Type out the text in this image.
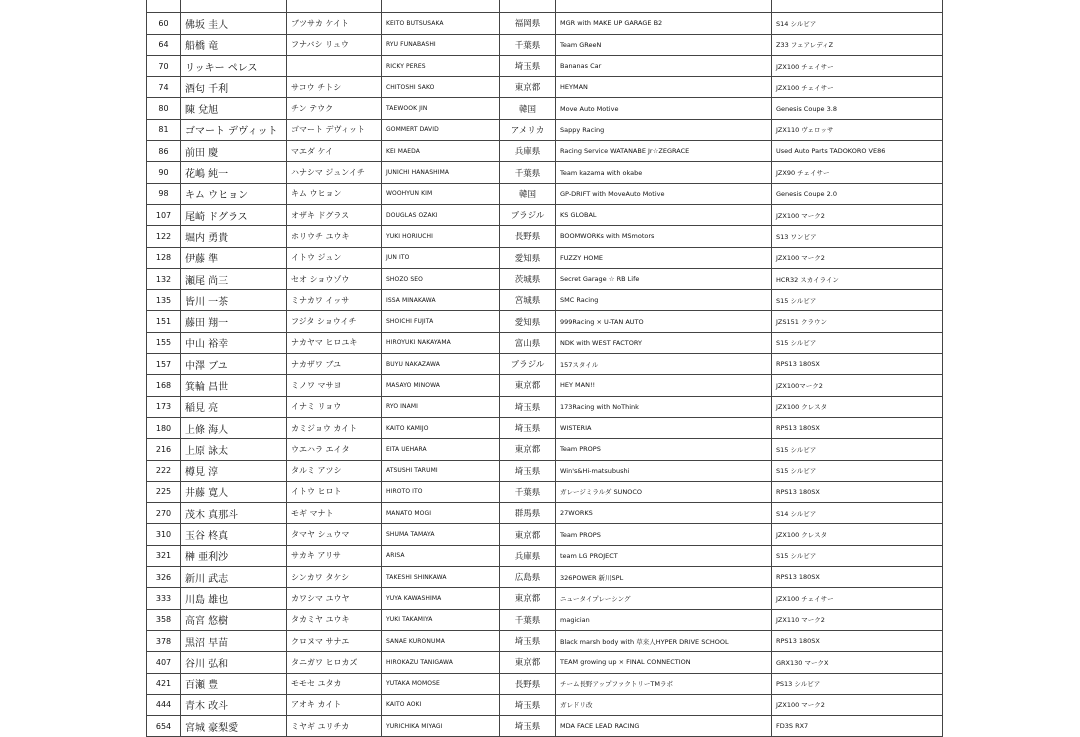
60	佛坂 圭人	ブツサカ ケイト	KEITO BUTSUSAKA	福岡県	MGR with MAKE UP GARAGE B2	S14 シルビア
64	船橋 竜	フナバシ リュウ	RYU FUNABASHI	千葉県	Team GReeN	Z33 フェアレディZ
70	リッキー ペレス		RICKY PERES	埼玉県	Bananas Car	JZX100 チェイサー
74	酒匂 千利	サコウ チトシ	CHITOSHI SAKO	東京都	HEYMAN	JZX100 チェイサー
80	陳 兌旭	チン テウク	TAEWOOK JIN	韓国	Move Auto Motive	Genesis Coupe 3.8
81	ゴマート デヴィット	ゴマート デヴィット	GOMMERT DAVID	アメリカ	Sappy Racing	JZX110 ヴェロッサ
86	前田 慶	マエダ ケイ	KEI MAEDA	兵庫県	Racing Service WATANABE Jr☆ZEGRACE	Used Auto Parts TADOKORO VE86
90	花嶋 純一	ハナシマ ジュンイチ	JUNICHI HANASHIMA	千葉県	Team kazama with okabe	JZX90 チェイサー
98	キム ウヒョン	キム ウヒョン	WOOHYUN KIM	韓国	GP-DRIFT with MoveAuto Motive	Genesis Coupe 2.0
107	尾崎 ドグラス	オザキ ドグラス	DOUGLAS OZAKI	ブラジル	KS GLOBAL	JZX100 マーク2
122	堀内 勇貴	ホリウチ ユウキ	YUKI HORIUCHI	長野県	BOOMWORKs with MSmotors	S13 ワンビア
128	伊藤 準	イトウ ジュン	JUN ITO	愛知県	FUZZY HOME	JZX100 マーク2
132	瀬尾 尚三	セオ ショウゾウ	SHOZO SEO	茨城県	Secret Garage ☆ RB Life	HCR32 スカイライン
135	皆川 一茶	ミナカワ イッサ	ISSA MINAKAWA	宮城県	SMC Racing	S15 シルビア
151	藤田 翔一	フジタ ショウイチ	SHOICHI FUJITA	愛知県	999Racing × U-TAN AUTO	JZS151 クラウン
155	中山 裕幸	ナカヤマ ヒロユキ	HIROYUKI NAKAYAMA	富山県	NDK with WEST FACTORY	S15 シルビア
157	中澤 ブユ	ナカザワ ブユ	BUYU NAKAZAWA	ブラジル	157スタイル	RPS13 180SX
168	箕輪 昌世	ミノワ マサヨ	MASAYO MINOWA	東京都	HEY MAN!!	JZX100マーク2
173	稲見 亮	イナミ リョウ	RYO INAMI	埼玉県	173Racing with NoThink	JZX100 クレスタ
180	上條 海人	カミジョウ カイト	KAITO KAMIJO	埼玉県	WISTERIA	RPS13 180SX
216	上原 詠太	ウエハラ エイタ	EITA UEHARA	東京都	Team PROPS	S15 シルビア
222	樽見 淳	タルミ アツシ	ATSUSHI TARUMI	埼玉県	Win's&Hi-matsubushi	S15 シルビア
225	井藤 寛人	イトウ ヒロト	HIROTO ITO	千葉県	ガレージミラルダ SUNOCO	RPS13 180SX
270	茂木 真那斗	モギ マナト	MANATO MOGI	群馬県	27WORKS	S14 シルビア
310	玉谷 柊真	タマヤ シュウマ	SHUMA TAMAYA	東京都	Team PROPS	JZX100 クレスタ
321	榊 亜利沙	サカキ アリサ	ARISA	兵庫県	team LG PROJECT	S15 シルビア
326	新川 武志	シンカワ タケシ	TAKESHI SHINKAWA	広島県	326POWER 新川SPL	RPS13 180SX
333	川島 雄也	カワシマ ユウヤ	YUYA KAWASHIMA	東京都	ニュータイプレーシング	JZX100 チェイサー
358	高宮 悠樹	タカミヤ ユウキ	YUKI TAKAMIYA	千葉県	magician	JZX110 マーク2
378	黒沼 早苗	クロヌマ サナエ	SANAE KURONUMA	埼玉県	Black marsh body with 草来人HYPER DRIVE SCHOOL	RPS13 180SX
407	谷川 弘和	タニガワ ヒロカズ	HIROKAZU TANIGAWA	東京都	TEAM growing up × FINAL CONNECTION	GRX130 マークX
421	百瀬 豊	モモセ ユタカ	YUTAKA MOMOSE	長野県	チーム長野アップファクトリーTMラボ	PS13 シルビア
444	青木 改斗	アオキ カイト	KAITO AOKI	埼玉県	ガレドリ改	JZX100 マーク2
654	宮城 豪梨愛	ミヤギ ユリチカ	YURICHIKA MIYAGI	埼玉県	MDA FACE LEAD RACING	FD3S RX7
